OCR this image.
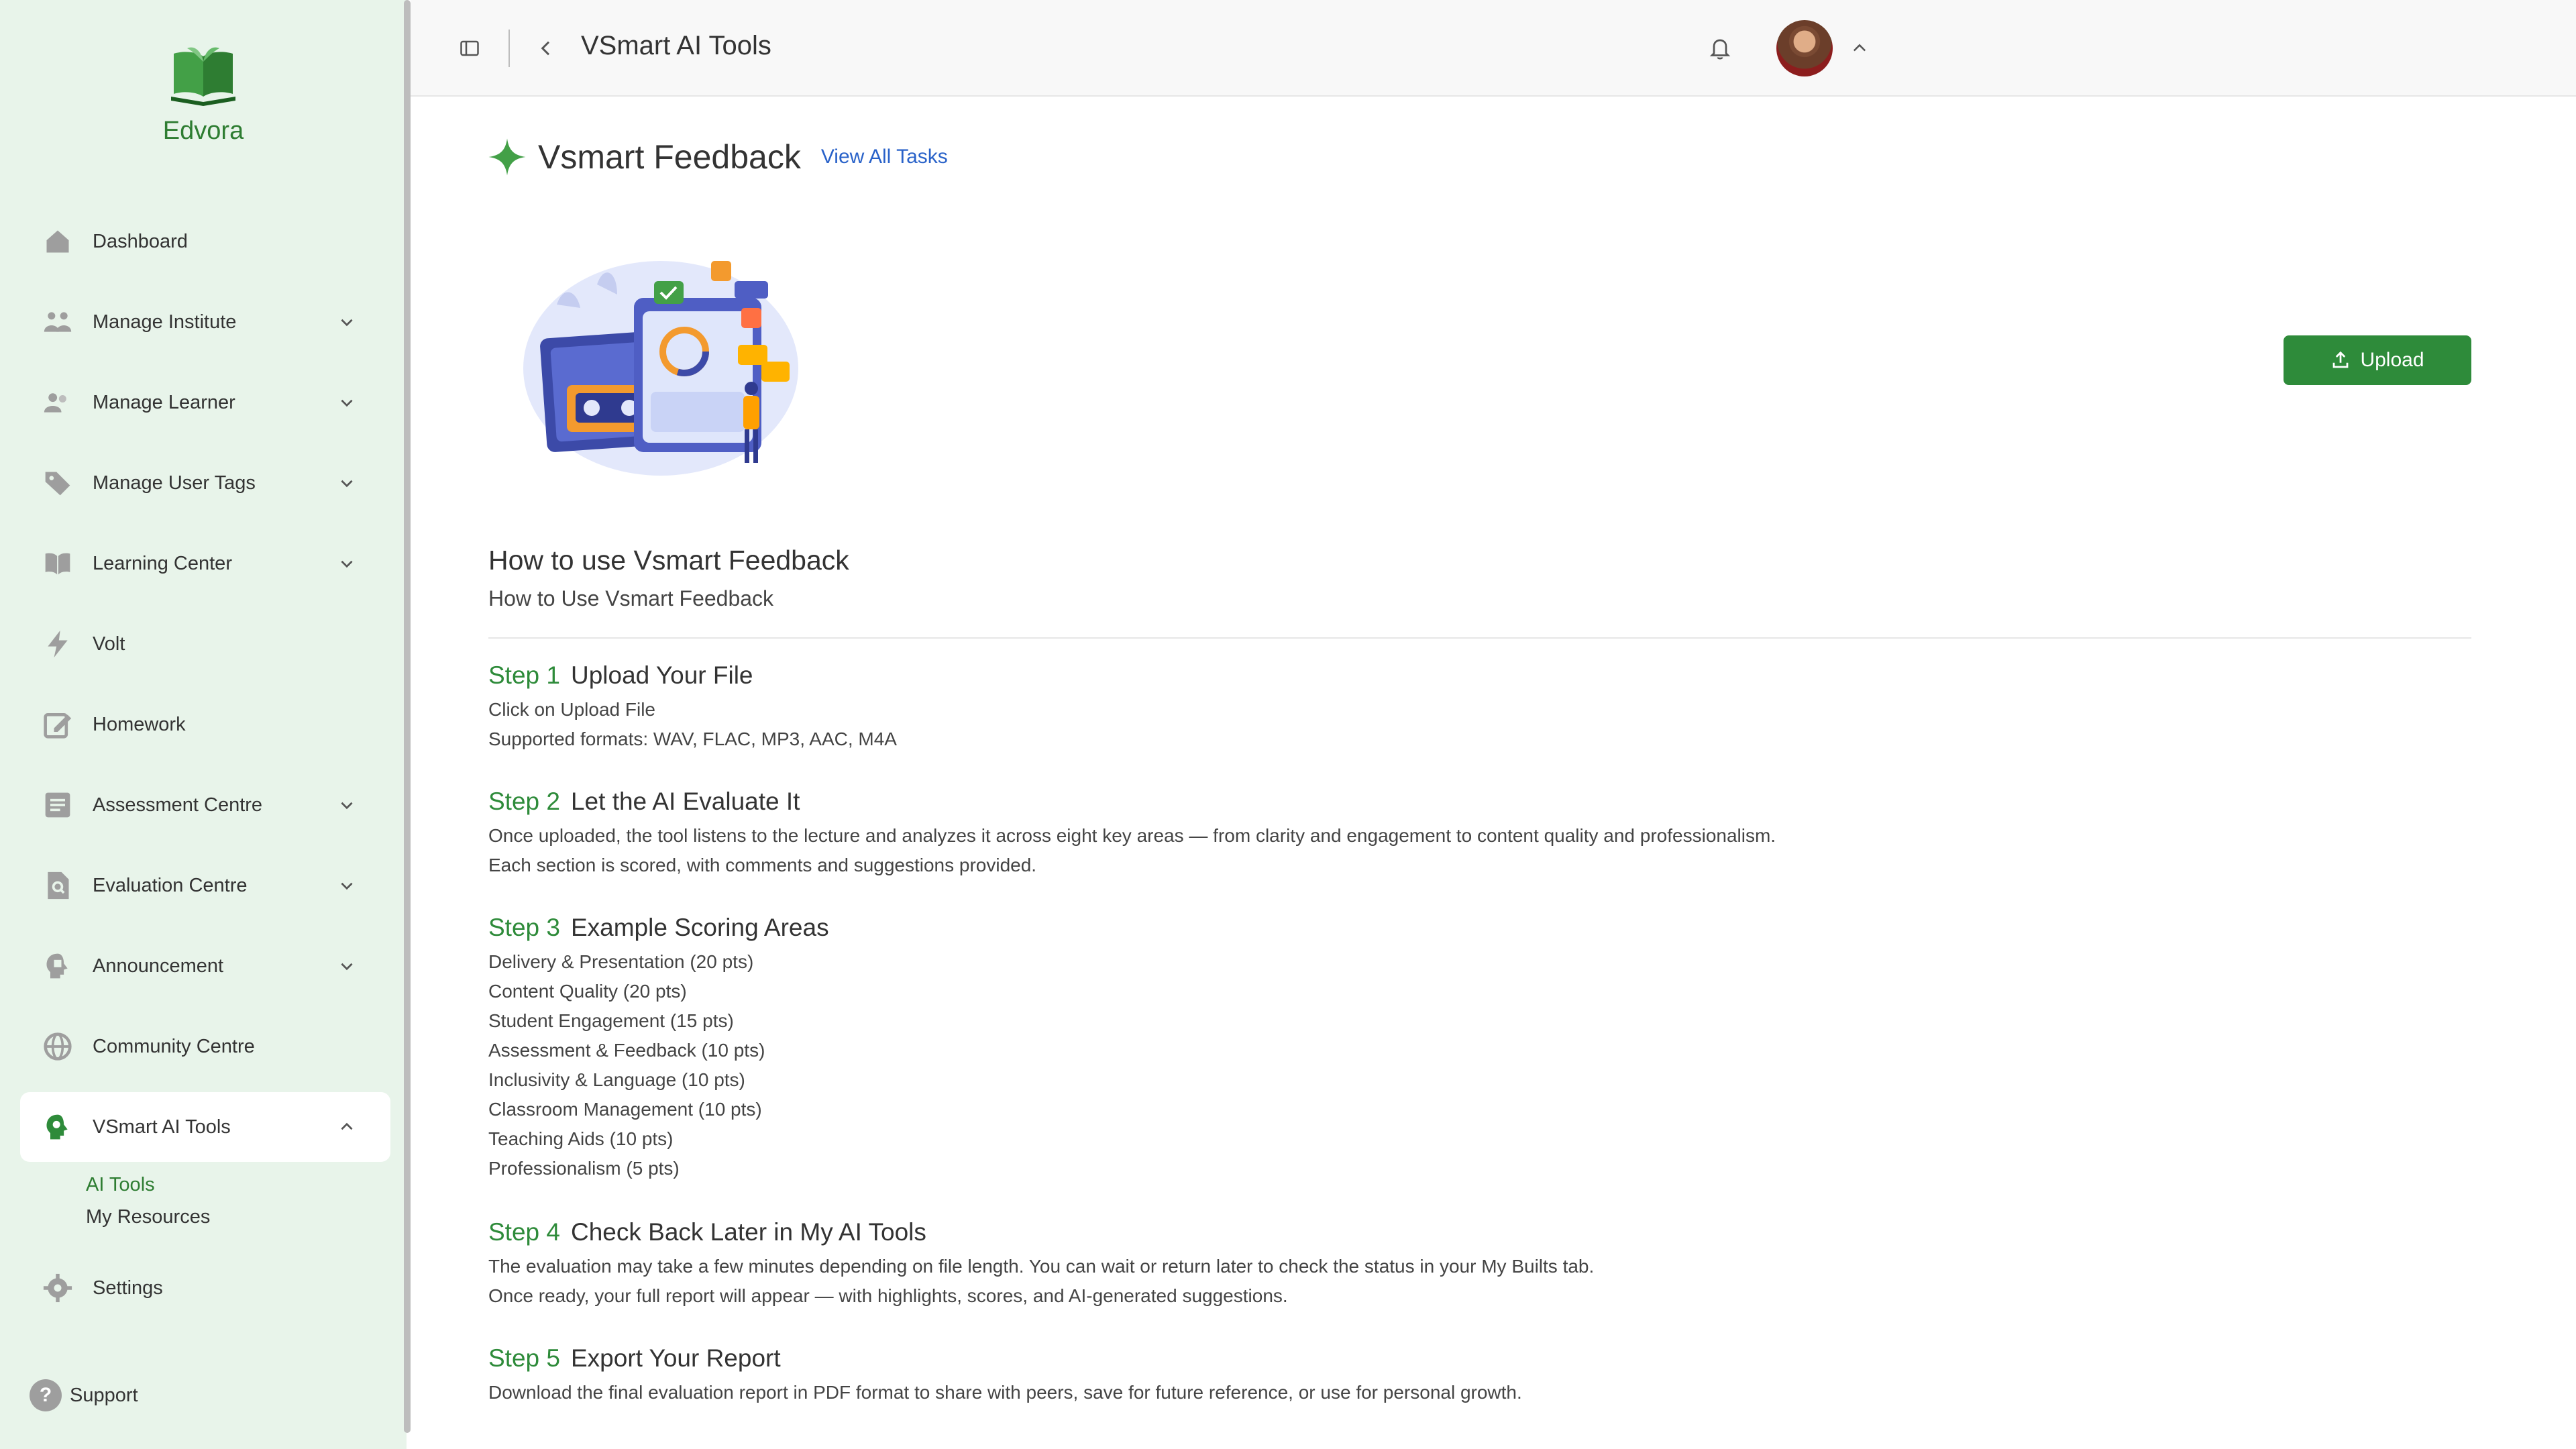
Edvora
Dashboard
Manage Institute
Manage Learner
Manage User Tags
Learning Center
Volt
Homework
Assessment Centre
Evaluation Centre
Announcement
Community Centre
VSmart AI Tools
AI Tools
My Resources
Settings
? Support
VSmart AI Tools
Vsmart Feedback View All Tasks
Upload
How to use Vsmart Feedback
How to Use Vsmart Feedback
Step 1 Upload Your File
Click on Upload File
Supported formats: WAV, FLAC, MP3, AAC, M4A
Step 2 Let the AI Evaluate It
Once uploaded, the tool listens to the lecture and analyzes it across eight key areas — from clarity and engagement to content quality and professionalism.
Each section is scored, with comments and suggestions provided.
Step 3 Example Scoring Areas
Delivery & Presentation (20 pts)
Content Quality (20 pts)
Student Engagement (15 pts)
Assessment & Feedback (10 pts)
Inclusivity & Language (10 pts)
Classroom Management (10 pts)
Teaching Aids (10 pts)
Professionalism (5 pts)
Step 4 Check Back Later in My AI Tools
The evaluation may take a few minutes depending on file length. You can wait or return later to check the status in your My Builts tab.
Once ready, your full report will appear — with highlights, scores, and AI-generated suggestions.
Step 5 Export Your Report
Download the final evaluation report in PDF format to share with peers, save for future reference, or use for personal growth.
